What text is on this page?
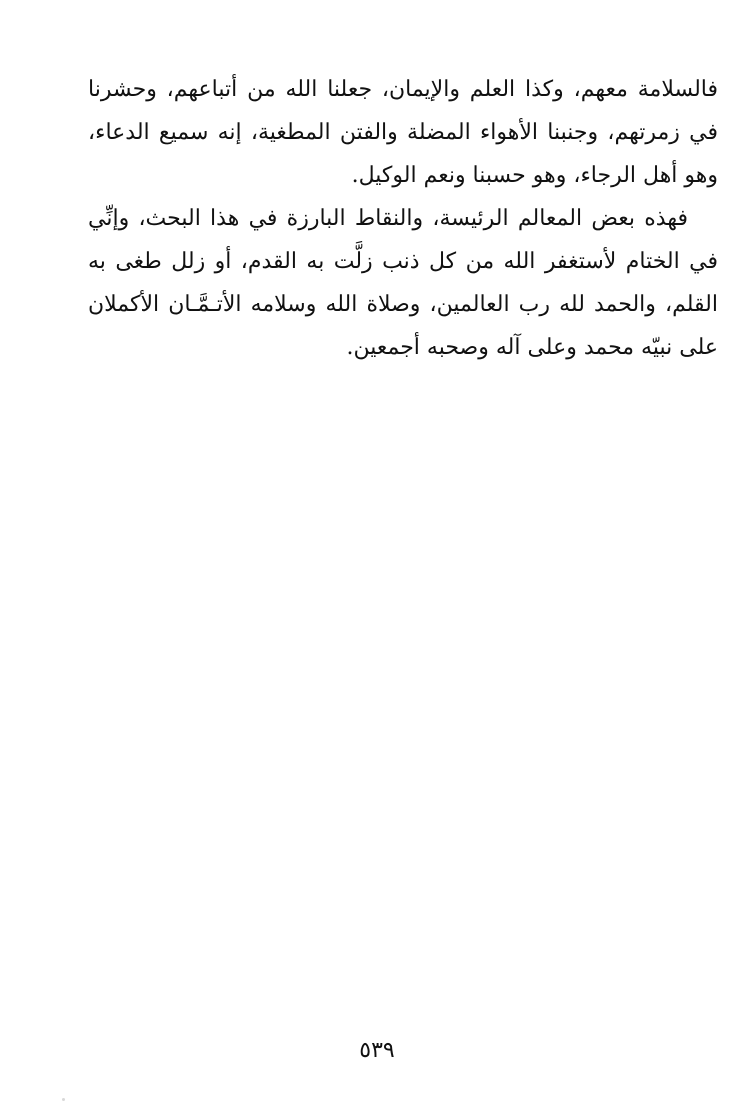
فالسلامة معهم، وكذا العلم والإيمان، جعلنا الله من أتباعهم، وحشرنا في زمرتهم، وجنبنا الأهواء المضلة والفتن المطغية، إنه سميع الدعاء، وهو أهل الرجاء، وهو حسبنا ونعم الوكيل.

فهذه بعض المعالم الرئيسة، والنقاط البارزة في هذا البحث، وإنِّي في الختام لأستغفر الله من كل ذنب زلَّت به القدم، أو زلل طغى به القلم، والحمد لله رب العالمين، وصلاة الله وسلامه الأتـمَّـان الأكملان على نبيّه محمد وعلى آله وصحبه أجمعين.

٥٣٩
